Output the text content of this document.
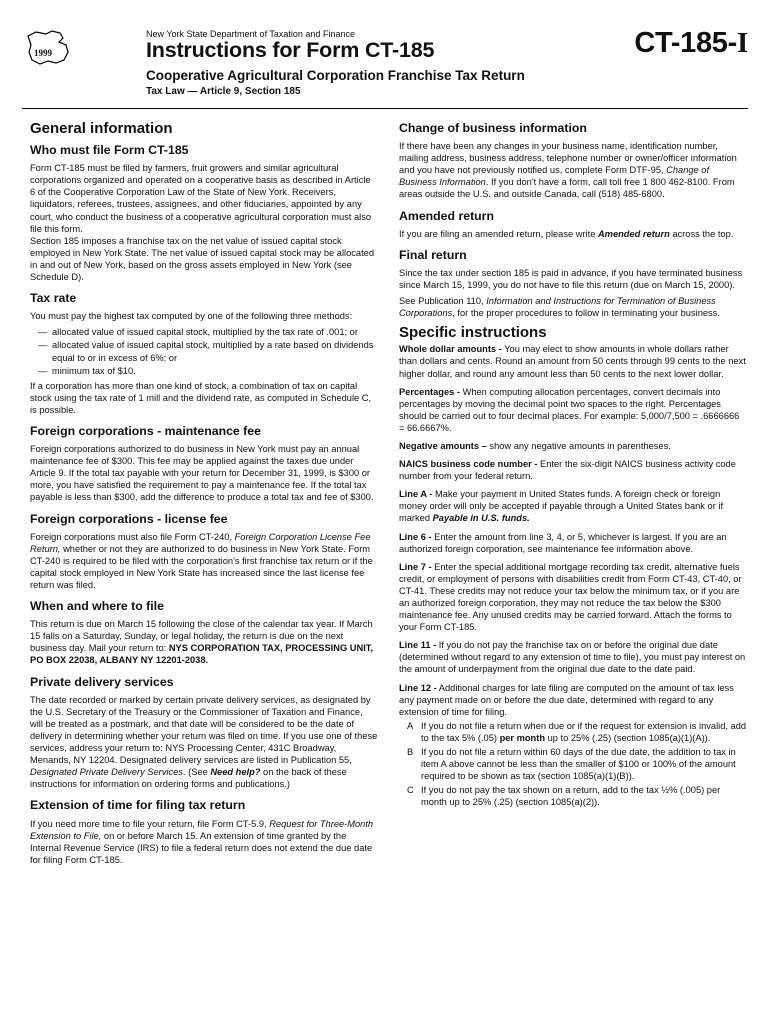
1999
New York State Department of Taxation and Finance
Instructions for Form CT-185	CT-185-I
Cooperative Agricultural Corporation Franchise Tax Return
Tax Law — Article 9, Section 185
General information
Who must file Form CT-185

Form CT-185 must be filed by farmers, fruit growers and similar agricultural corporations organized and operated on a cooperative basis as described in Article 6 of the Cooperative Corporation Law of the State of New York. Receivers, liquidators, referees, trustees, assignees, and other fiduciaries, appointed by any court, who conduct the business of a cooperative agricultural corporation must also file this form.

Section 185 imposes a franchise tax on the net value of issued capital stock employed in New York State. The net value of issued capital stock may be allocated in and out of New York, based on the gross assets employed in New York (see Schedule D).

Tax rate

You must pay the highest tax computed by one of the following three methods:

— allocated value of issued capital stock, multiplied by the tax rate of .001; or
— allocated value of issued capital stock, multiplied by a rate based on dividends equal to or in excess of 6%; or
— minimum tax of $10.

If a corporation has more than one kind of stock, a combination of tax on capital stock using the tax rate of 1 mill and the dividend rate, as computed in Schedule C, is possible.

Foreign corporations - maintenance fee

Foreign corporations authorized to do business in New York must pay an annual maintenance fee of $300. This fee may be applied against the taxes due under Article 9. If the total tax payable with your return for December 31, 1999, is $300 or more, you have satisfied the requirement to pay a maintenance fee. If the total tax payable is less than $300, add the difference to produce a total tax and fee of $300.

Foreign corporations - license fee

Foreign corporations must also file Form CT-240, Foreign Corporation License Fee Return, whether or not they are authorized to do business in New York State. Form CT-240 is required to be filed with the corporation's first franchise tax return or if the capital stock employed in New York State has increased since the last license fee return was filed.

When and where to file

This return is due on March 15 following the close of the calendar tax year. If March 15 falls on a Saturday, Sunday, or legal holiday, the return is due on the next business day. Mail your return to: NYS CORPORATION TAX, PROCESSING UNIT, PO BOX 22038, ALBANY NY 12201-2038.

Private delivery services

The date recorded or marked by certain private delivery services, as designated by the U.S. Secretary of the Treasury or the Commissioner of Taxation and Finance, will be treated as a postmark, and that date will be considered to be the date of delivery in determining whether your return was filed on time. If you use one of these services, address your return to: NYS Processing Center, 431C Broadway, Menands, NY 12204. Designated delivery services are listed in Publication 55, Designated Private Delivery Services. (See Need help? on the back of these instructions for information on ordering forms and publications.)

Extension of time for filing tax return

If you need more time to file your return, file Form CT-5.9, Request for Three-Month Extension to File, on or before March 15. An extension of time granted by the Internal Revenue Service (IRS) to file a federal return does not extend the due date for filing Form CT-185.

Change of business information

If there have been any changes in your business name, identification number, mailing address, business address, telephone number or owner/officer information and you have not previously notified us, complete Form DTF-95, Change of Business Information. If you don't have a form, call toll free 1 800 462-8100. From areas outside the U.S. and outside Canada, call (518) 485-6800.

Amended return

If you are filing an amended return, please write Amended return across the top.

Final return

Since the tax under section 185 is paid in advance, if you have terminated business since March 15, 1999, you do not have to file this return (due on March 15, 2000).

See Publication 110, Information and Instructions for Termination of Business Corporations, for the proper procedures to follow in terminating your business.

Specific instructions

Whole dollar amounts - You may elect to show amounts in whole dollars rather than dollars and cents. Round an amount from 50 cents through 99 cents to the next higher dollar, and round any amount less than 50 cents to the next lower dollar.

Percentages - When computing allocation percentages, convert decimals into percentages by moving the decimal point two spaces to the right. Percentages should be carried out to four decimal places. For example: 5,000/7,500 = .6666666 = 66.6667%.

Negative amounts – show any negative amounts in parentheses.

NAICS business code number - Enter the six-digit NAICS business activity code number from your federal return.

Line A - Make your payment in United States funds. A foreign check or foreign money order will only be accepted if payable through a United States bank or if marked Payable in U.S. funds.

Line 6 - Enter the amount from line 3, 4, or 5, whichever is largest. If you are an authorized foreign corporation, see maintenance fee information above.

Line 7 - Enter the special additional mortgage recording tax credit, alternative fuels credit, or employment of persons with disabilities credit from Form CT-43, CT-40, or CT-41. These credits may not reduce your tax below the minimum tax, or if you are an authorized foreign corporation, they may not reduce the tax below the $300 maintenance fee. Any unused credits may be carried forward. Attach the forms to your Form CT-185.

Line 11 - If you do not pay the franchise tax on or before the original due date (determined without regard to any extension of time to file), you must pay interest on the amount of underpayment from the original due date to the date paid.

Line 12 - Additional charges for late filing are computed on the amount of tax less any payment made on or before the due date, determined with regard to any extension of time for filing.

A If you do not file a return when due or if the request for extension is invalid, add to the tax 5% (.05) per month up to 25% (.25) (section 1085(a)(1)(A)).
B If you do not file a return within 60 days of the due date, the addition to tax in item A above cannot be less than the smaller of $100 or 100% of the amount required to be shown as tax (section 1085(a)(1)(B)).
C If you do not pay the tax shown on a return, add to the tax ½% (.005) per month up to 25% (.25) (section 1085(a)(2)).
